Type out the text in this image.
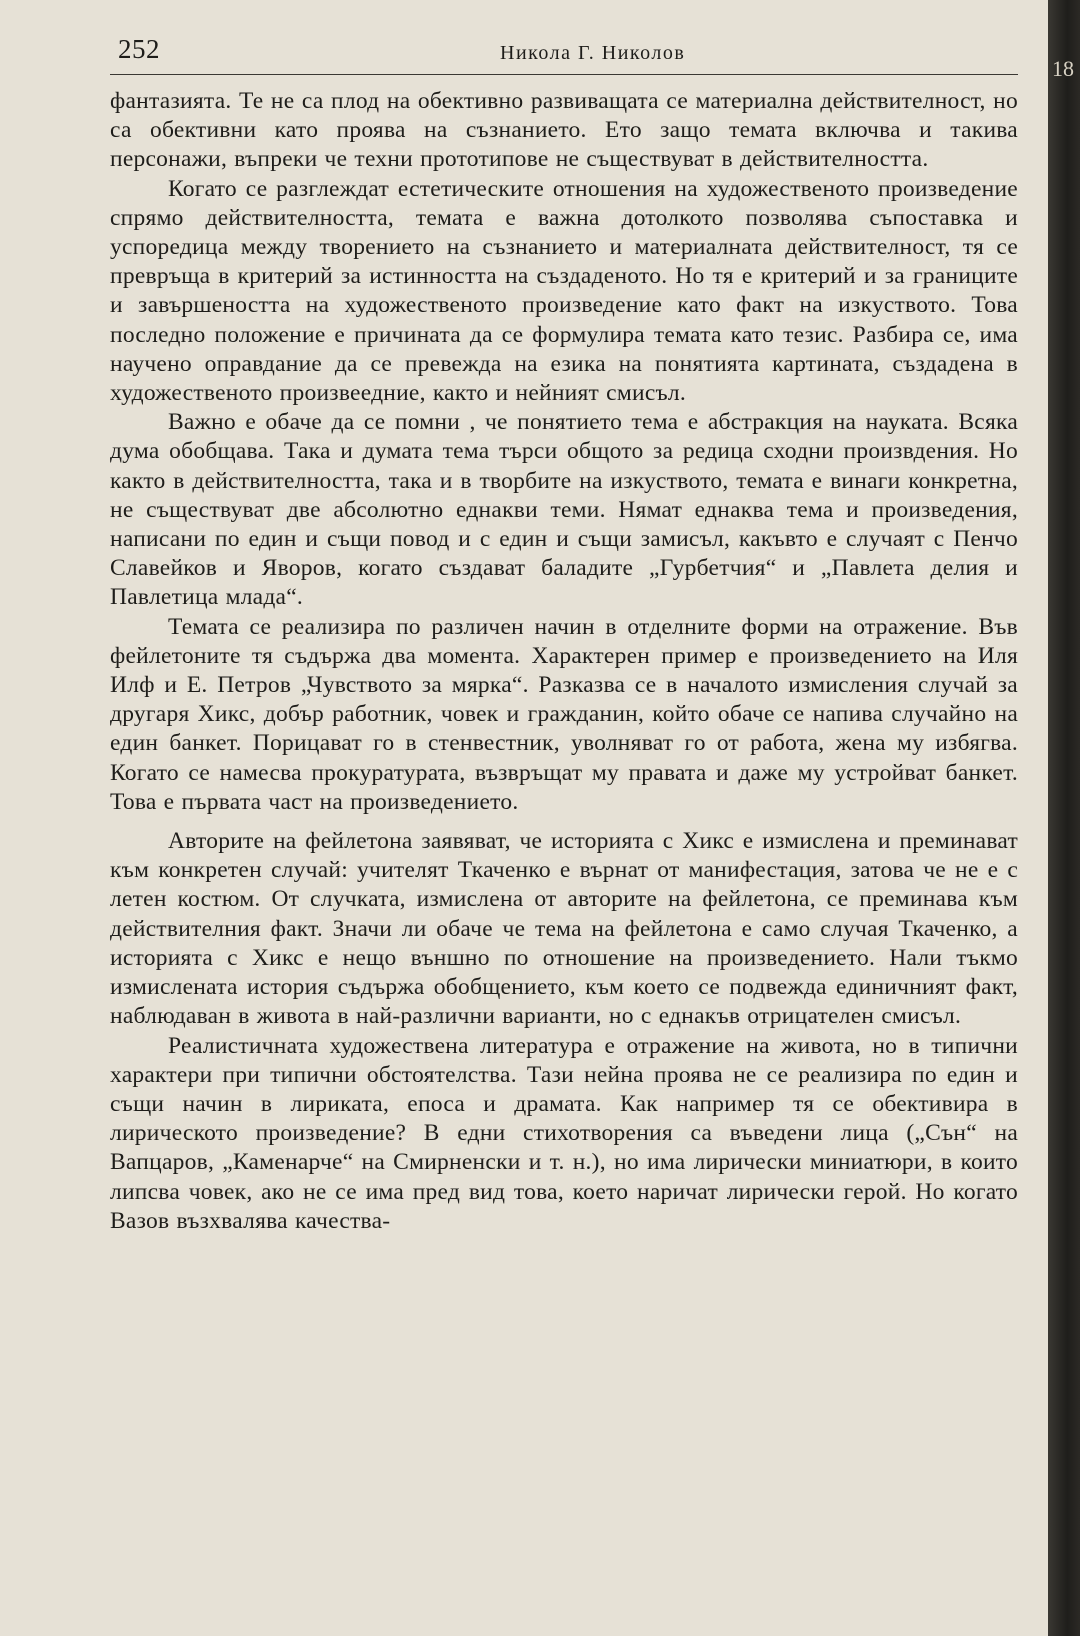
252	Никола Г. Николов

фантазията. Те не са плод на обективно развиващата се материална действителност, но са обективни като проява на съзнанието. Ето защо темата включва и такива персонажи, въпреки че техни прототипове не съществуват в действителността.

Когато се разглеждат естетическите отношения на художественото произведение спрямо действителността, темата е важна дотолкото позволява съпоставка и успоредица между творението на съзнанието и материалната действителност, тя се превръща в критерий за истинността на създаденото. Но тя е критерий и за границите и завършеността на художественото произведение като факт на изкуството. Това последно положение е причината да се формулира темата като тезис. Разбира се, има научено оправдание да се превежда на езика на понятията картината, създадена в художественото произвеедние, както и нейният смисъл.

Важно е обаче да се помни , че понятието тема е абстракция на науката. Всяка дума обобщава. Така и думата тема търси общото за редица сходни произвдения. Но както в действителността, така и в творбите на изкуството, темата е винаги конкретна, не съществуват две абсолютно еднакви теми. Нямат еднаква тема и произведения, написани по един и същи повод и с един и същи замисъл, какъвто е случаят с Пенчо Славейков и Яворов, когато създават баладите „Гурбетчия“ и „Павлета делия и Павлетица млада“.

Темата се реализира по различен начин в отделните форми на отражение. Във фейлетоните тя съдържа два момента. Характерен пример е произведението на Иля Илф и Е. Петров „Чувството за мярка“. Разказва се в началото измисления случай за другаря Хикс, добър работник, човек и гражданин, който обаче се напива случайно на един банкет. Порицават го в стенвестник, уволняват го от работа, жена му избягва. Когато се намесва прокуратурата, възвръщат му правата и даже му устройват банкет. Това е първата част на произведението.

Авторите на фейлетона заявяват, че историята с Хикс е измислена и преминават към конкретен случай: учителят Ткаченко е върнат от манифестация, затова че не е с летен костюм. От случката, измислена от авторите на фейлетона, се преминава към действителния факт. Значи ли обаче че тема на фейлетона е само случая Ткаченко, а историята с Хикс е нещо външно по отношение на произведението. Нали тъкмо измислената история съдържа обобщението, към което се подвежда единичният факт, наблюдаван в живота в най-различни варианти, но с еднакъв отрицателен смисъл.

Реалистичната художествена литература е отражение на живота, но в типични характери при типични обстоятелства. Тази нейна проява не се реализира по един и същи начин в лириката, епоса и драмата. Как например тя се обективира в лирическото произведение? В едни стихотворения са въведени лица („Сън“ на Вапцаров, „Каменарче“ на Смирненски и т. н.), но има лирически миниатюри, в които липсва човек, ако не се има пред вид това, което наричат лирически герой. Но когато Вазов възхвалява качества-

18
